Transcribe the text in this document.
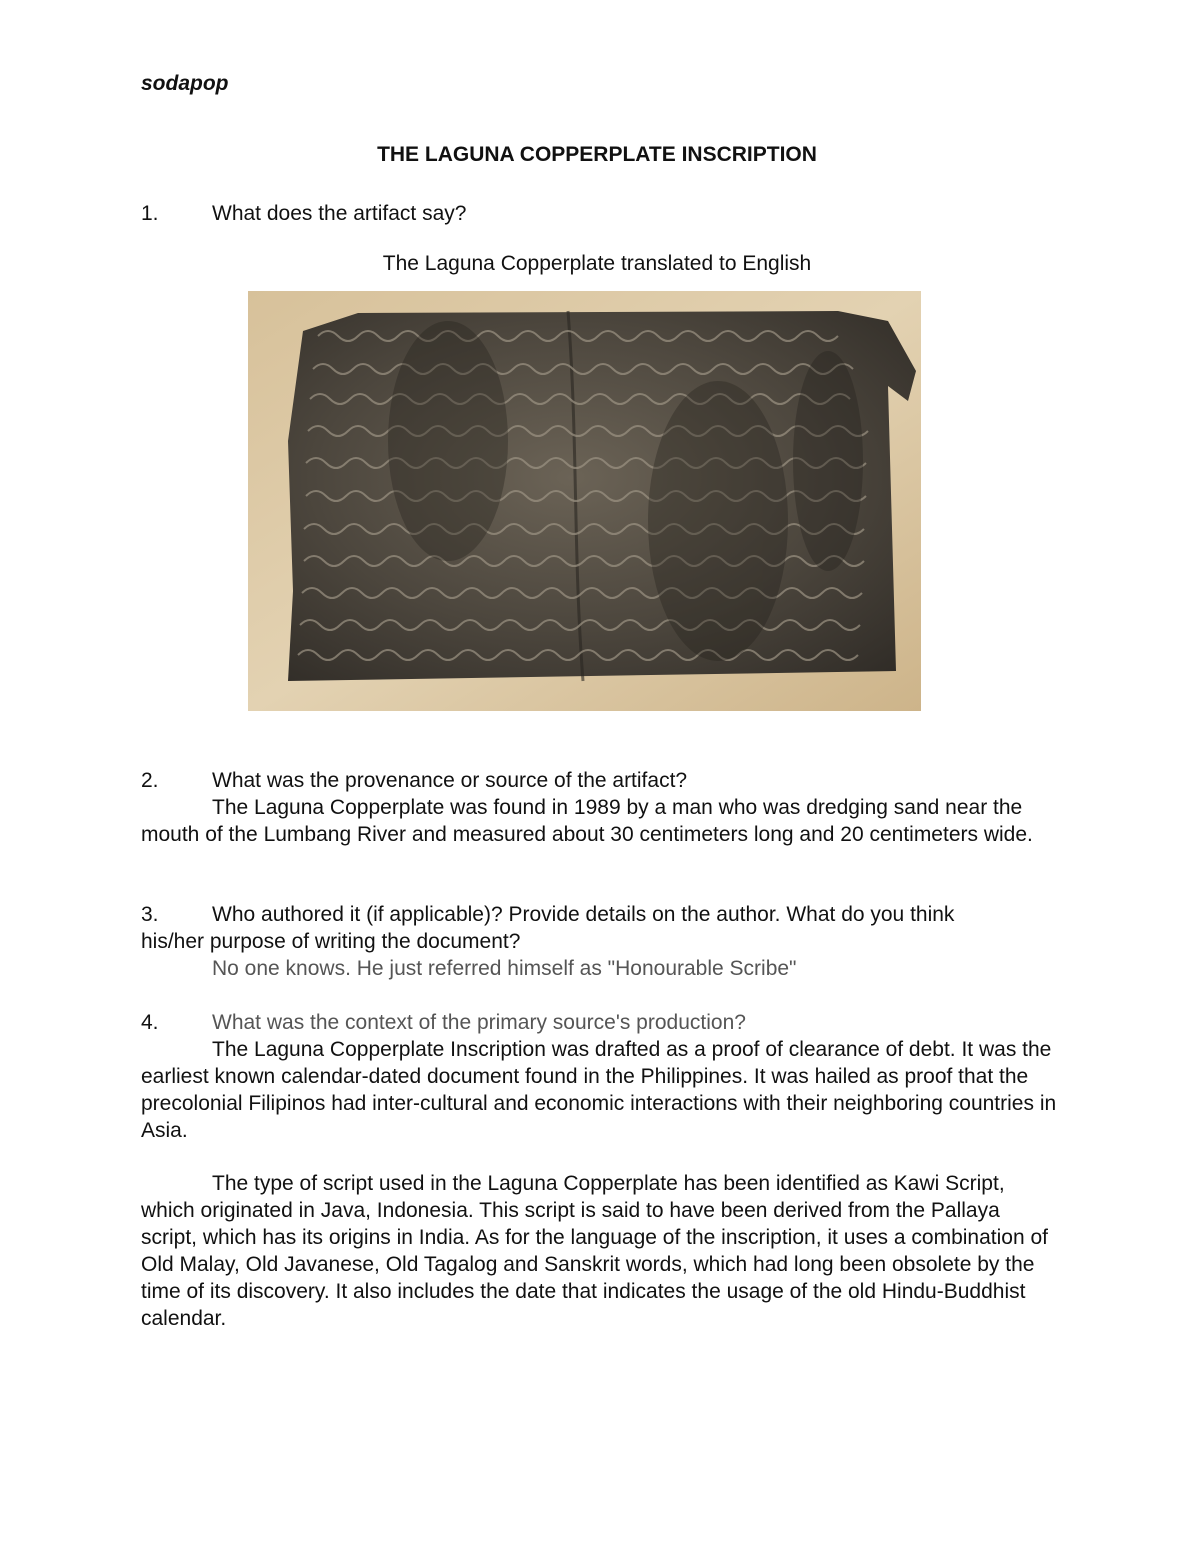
sodapop
THE LAGUNA COPPERPLATE INSCRIPTION
1.	What does the artifact say?
The Laguna Copperplate translated to English
2.	What was the provenance or source of the artifact?
The Laguna Copperplate was found in 1989 by a man who was dredging sand near the mouth of the Lumbang River and measured about 30 centimeters long and 20 centimeters wide.
3.	Who authored it (if applicable)? Provide details on the author. What do you think
his/her purpose of writing the document?
No one knows. He just referred himself as "Honourable Scribe"
4.	What was the context of the primary source's production?
The Laguna Copperplate Inscription was drafted as a proof of clearance of debt. It was the earliest known calendar-dated document found in the Philippines. It was hailed as proof that the precolonial Filipinos had inter-cultural and economic interactions with their neighboring countries in Asia.
The type of script used in the Laguna Copperplate has been identified as Kawi Script, which originated in Java, Indonesia. This script is said to have been derived from the Pallaya script, which has its origins in India. As for the language of the inscription, it uses a combination of Old Malay, Old Javanese, Old Tagalog and Sanskrit words, which had long been obsolete by the time of its discovery. It also includes the date that indicates the usage of the old Hindu-Buddhist calendar.
